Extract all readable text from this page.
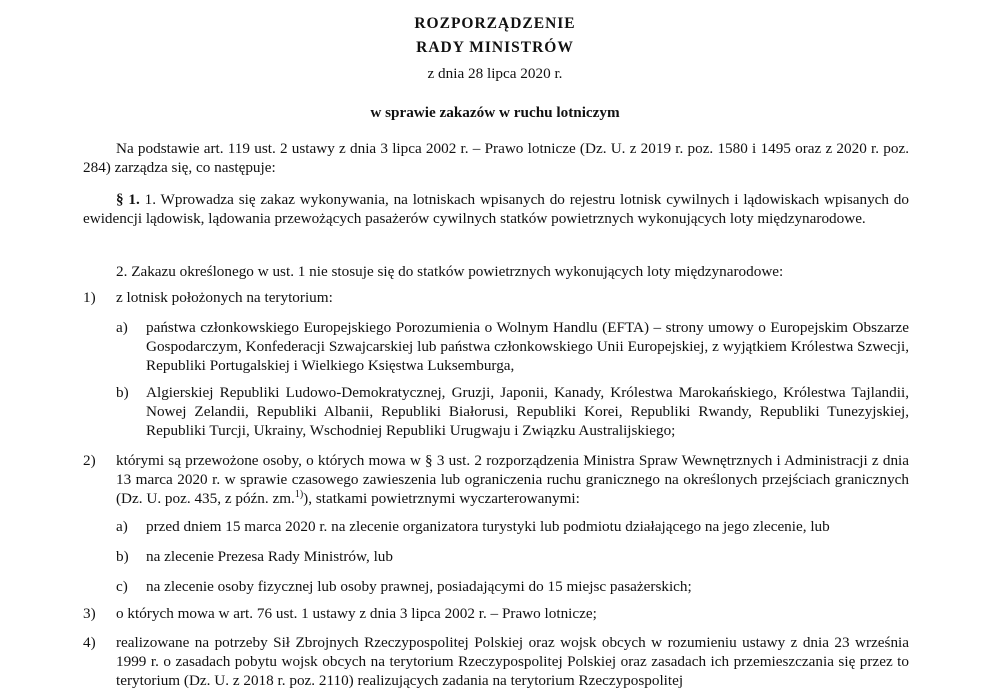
ROZPORZĄDZENIE
RADY MINISTRÓW
z dnia 28 lipca 2020 r.
w sprawie zakazów w ruchu lotniczym
Na podstawie art. 119 ust. 2 ustawy z dnia 3 lipca 2002 r. – Prawo lotnicze (Dz. U. z 2019 r. poz. 1580 i 1495 oraz z 2020 r. poz. 284) zarządza się, co następuje:
§ 1. 1. Wprowadza się zakaz wykonywania, na lotniskach wpisanych do rejestru lotnisk cywilnych i lądowiskach wpisanych do ewidencji lądowisk, lądowania przewożących pasażerów cywilnych statków powietrznych wykonujących loty międzynarodowe.
2. Zakazu określonego w ust. 1 nie stosuje się do statków powietrznych wykonujących loty międzynarodowe:
1) z lotnisk położonych na terytorium:
a) państwa członkowskiego Europejskiego Porozumienia o Wolnym Handlu (EFTA) – strony umowy o Europejskim Obszarze Gospodarczym, Konfederacji Szwajcarskiej lub państwa członkowskiego Unii Europejskiej, z wyjątkiem Królestwa Szwecji, Republiki Portugalskiej i Wielkiego Księstwa Luksemburga,
b) Algierskiej Republiki Ludowo-Demokratycznej, Gruzji, Japonii, Kanady, Królestwa Marokańskiego, Królestwa Tajlandii, Nowej Zelandii, Republiki Albanii, Republiki Białorusi, Republiki Korei, Republiki Rwandy, Republiki Tunezyjskiej, Republiki Turcji, Ukrainy, Wschodniej Republiki Urugwaju i Związku Australijskiego;
2) którymi są przewożone osoby, o których mowa w § 3 ust. 2 rozporządzenia Ministra Spraw Wewnętrznych i Administracji z dnia 13 marca 2020 r. w sprawie czasowego zawieszenia lub ograniczenia ruchu granicznego na określonych przejściach granicznych (Dz. U. poz. 435, z późn. zm.$^{1)}$), statkami powietrznymi wyczarterowanymi:
a) przed dniem 15 marca 2020 r. na zlecenie organizatora turystyki lub podmiotu działającego na jego zlecenie, lub
b) na zlecenie Prezesa Rady Ministrów, lub
c) na zlecenie osoby fizycznej lub osoby prawnej, posiadającymi do 15 miejsc pasażerskich;
3) o których mowa w art. 76 ust. 1 ustawy z dnia 3 lipca 2002 r. – Prawo lotnicze;
4) realizowane na potrzeby Sił Zbrojnych Rzeczypospolitej Polskiej oraz wojsk obcych w rozumieniu ustawy z dnia 23 września 1999 r. o zasadach pobytu wojsk obcych na terytorium Rzeczypospolitej Polskiej oraz zasadach ich przemieszczania się przez to terytorium (Dz. U. z 2018 r. poz. 2110) realizujących zadania na terytorium Rzeczypospolitej
